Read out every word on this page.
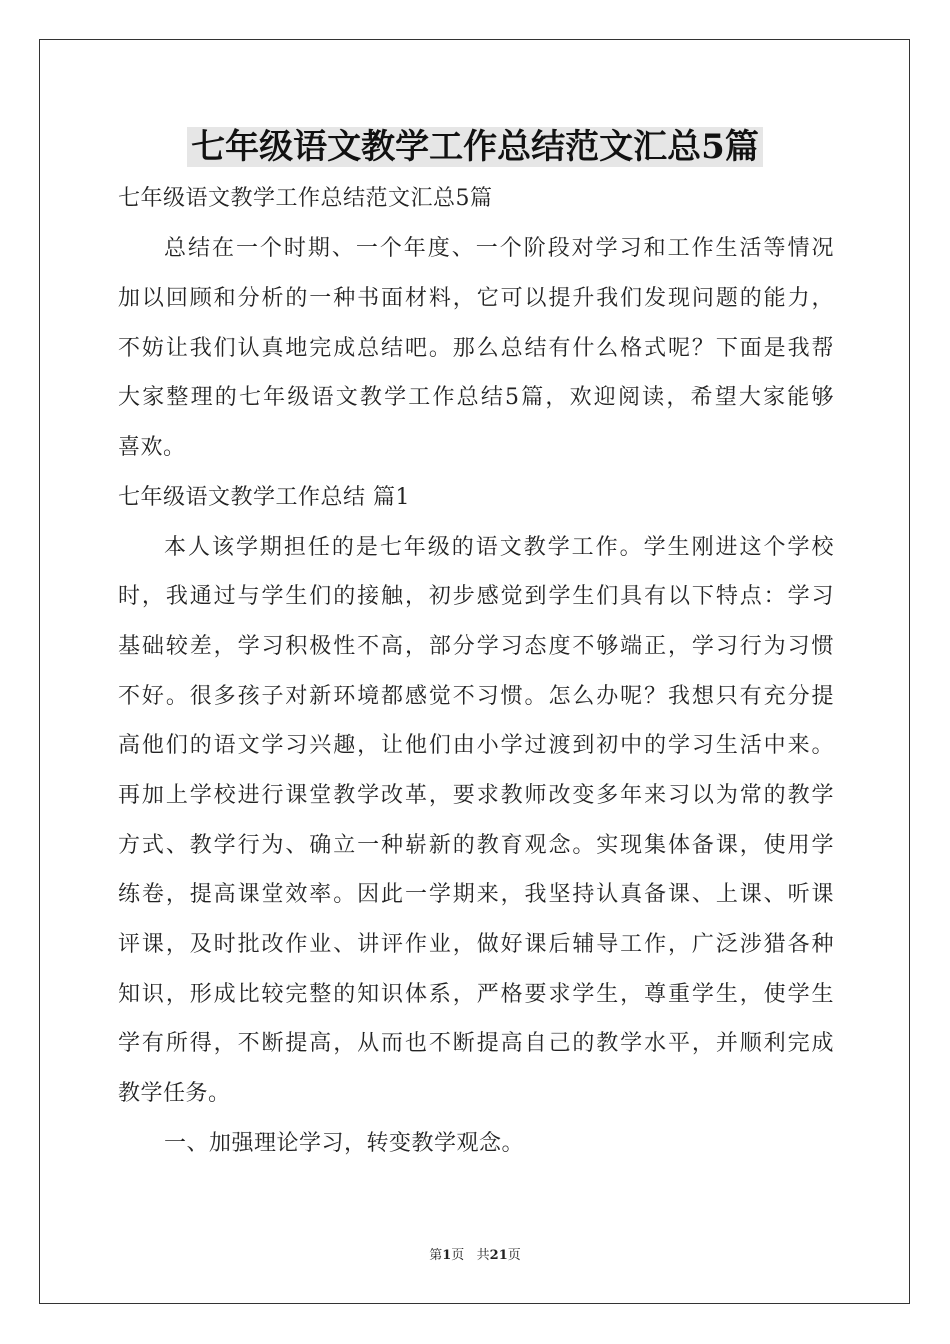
七年级语文教学工作总结范文汇总5篇
七年级语文教学工作总结范文汇总5篇
总结在一个时期、一个年度、一个阶段对学习和工作生活等情况
加以回顾和分析的一种书面材料，它可以提升我们发现问题的能力，
不妨让我们认真地完成总结吧。那么总结有什么格式呢？下面是我帮
大家整理的七年级语文教学工作总结5篇，欢迎阅读，希望大家能够
喜欢。
七年级语文教学工作总结 篇1
本人该学期担任的是七年级的语文教学工作。学生刚进这个学校
时，我通过与学生们的接触，初步感觉到学生们具有以下特点：学习
基础较差，学习积极性不高，部分学习态度不够端正，学习行为习惯
不好。很多孩子对新环境都感觉不习惯。怎么办呢？我想只有充分提
高他们的语文学习兴趣，让他们由小学过渡到初中的学习生活中来。
再加上学校进行课堂教学改革，要求教师改变多年来习以为常的教学
方式、教学行为、确立一种崭新的教育观念。实现集体备课，使用学
练卷，提高课堂效率。因此一学期来，我坚持认真备课、上课、听课
评课，及时批改作业、讲评作业，做好课后辅导工作，广泛涉猎各种
知识，形成比较完整的知识体系，严格要求学生，尊重学生，使学生
学有所得，不断提高，从而也不断提高自己的教学水平，并顺利完成
教学任务。
一、加强理论学习，转变教学观念。
第1页   共21页
